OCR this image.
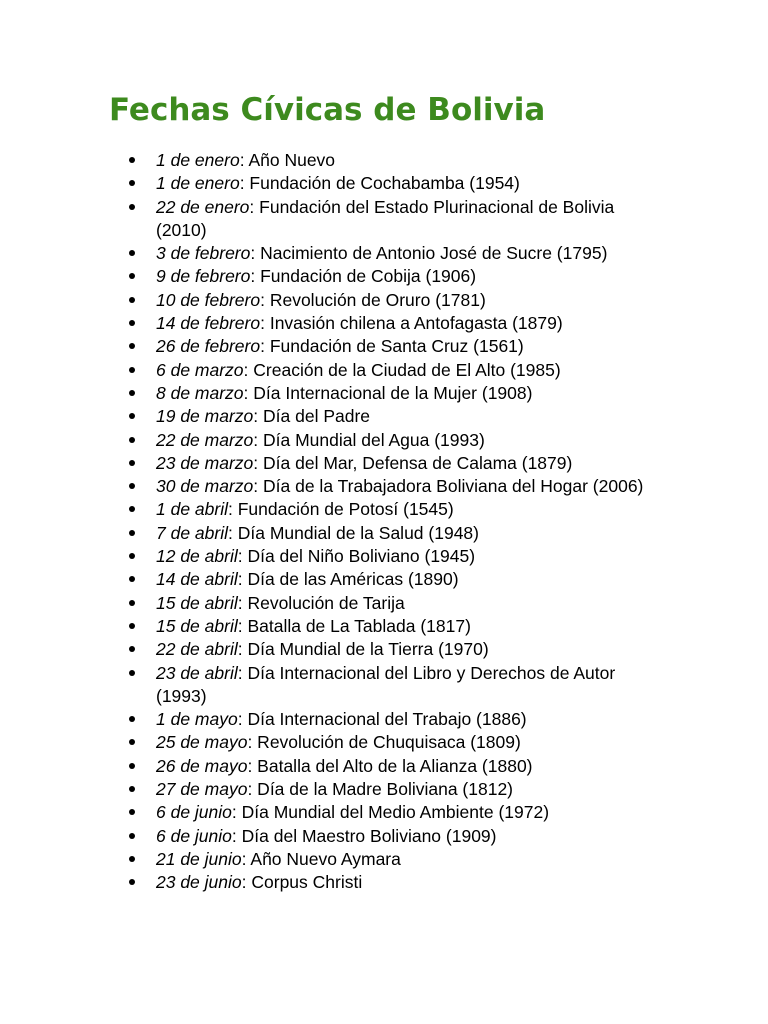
Fechas Cívicas de Bolivia
1 de enero: Año Nuevo
1 de enero: Fundación de Cochabamba (1954)
22 de enero: Fundación del Estado Plurinacional de Bolivia (2010)
3 de febrero: Nacimiento de Antonio José de Sucre (1795)
9 de febrero: Fundación de Cobija (1906)
10 de febrero: Revolución de Oruro (1781)
14 de febrero: Invasión chilena a Antofagasta (1879)
26 de febrero: Fundación de Santa Cruz (1561)
6 de marzo: Creación de la Ciudad de El Alto (1985)
8 de marzo: Día Internacional de la Mujer (1908)
19 de marzo: Día del Padre
22 de marzo: Día Mundial del Agua (1993)
23 de marzo: Día del Mar, Defensa de Calama (1879)
30 de marzo: Día de la Trabajadora Boliviana del Hogar (2006)
1 de abril: Fundación de Potosí (1545)
7 de abril: Día Mundial de la Salud (1948)
12 de abril: Día del Niño Boliviano (1945)
14 de abril: Día de las Américas (1890)
15 de abril: Revolución de Tarija
15 de abril: Batalla de La Tablada (1817)
22 de abril: Día Mundial de la Tierra (1970)
23 de abril: Día Internacional del Libro y Derechos de Autor (1993)
1 de mayo: Día Internacional del Trabajo (1886)
25 de mayo: Revolución de Chuquisaca (1809)
26 de mayo: Batalla del Alto de la Alianza (1880)
27 de mayo: Día de la Madre Boliviana (1812)
6 de junio: Día Mundial del Medio Ambiente (1972)
6 de junio: Día del Maestro Boliviano (1909)
21 de junio: Año Nuevo Aymara
23 de junio: Corpus Christi
